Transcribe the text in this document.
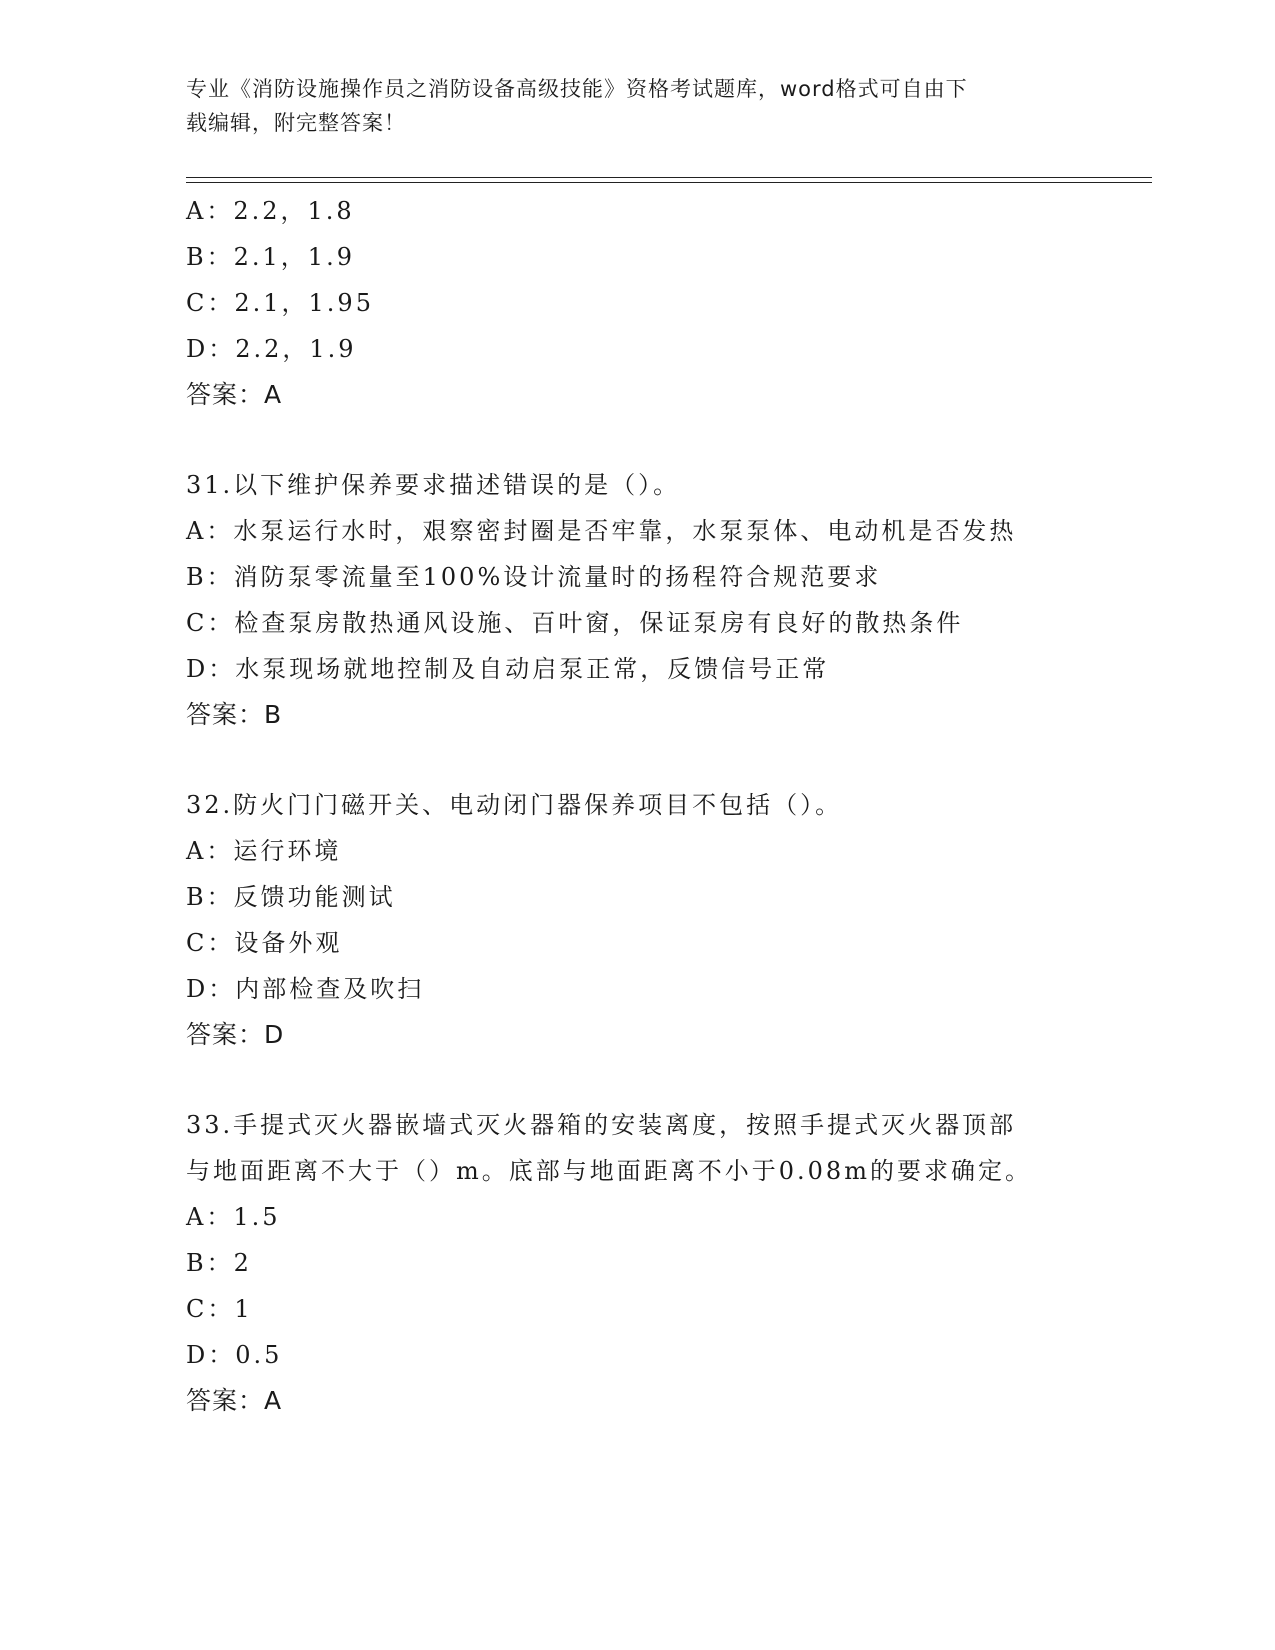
专业《消防设施操作员之消防设备高级技能》资格考试题库，word格式可自由下
载编辑，附完整答案！
A：2.2，1.8
B：2.1，1.9
C：2.1，1.95
D：2.2，1.9
答案：A
31.以下维护保养要求描述错误的是（）。
A：水泵运行水时，艰察密封圈是否牢靠，水泵泵体、电动机是否发热
B：消防泵零流量至100%设计流量时的扬程符合规范要求
C：检查泵房散热通风设施、百叶窗，保证泵房有良好的散热条件
D：水泵现场就地控制及自动启泵正常，反馈信号正常
答案：B
32.防火门门磁开关、电动闭门器保养项目不包括（）。
A：运行环境
B：反馈功能测试
C：设备外观
D：内部检查及吹扫
答案：D
33.手提式灭火器嵌墙式灭火器箱的安装离度，按照手提式灭火器顶部
与地面距离不大于（）m。底部与地面距离不小于0.08m的要求确定。
A：1.5
B：2
C：1
D：0.5
答案：A
